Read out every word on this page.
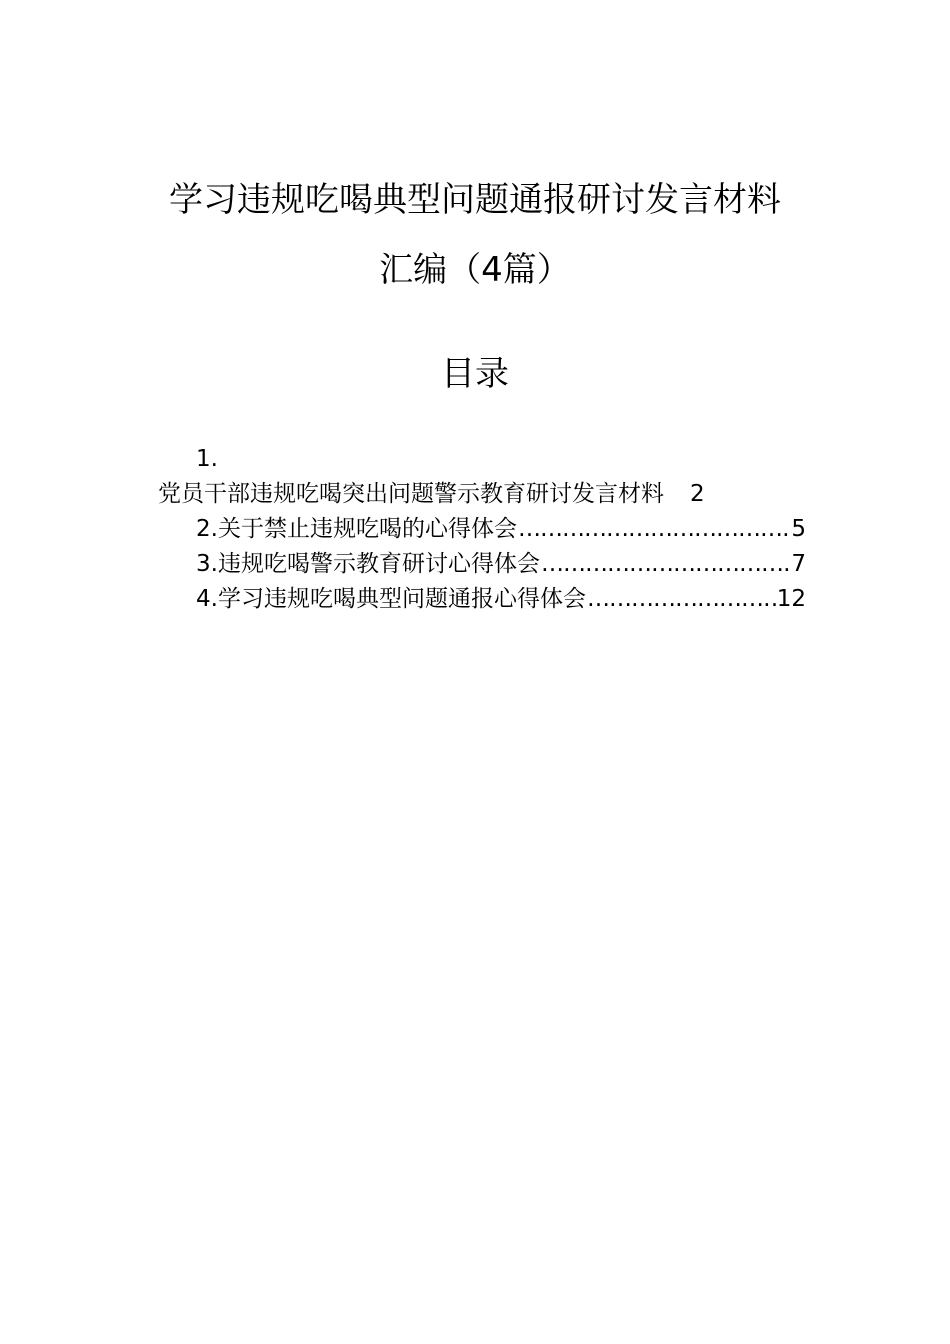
学习违规吃喝典型问题通报研讨发言材料
汇编（4篇）
目录
1.
党员干部违规吃喝突出问题警示教育研讨发言材料 2
2. 关于禁止违规吃喝的心得体会 …………………………………………………………………………………………………………	5
3. 违规吃喝警示教育研讨心得体会 …………………………………………………………………………………………………………	7
4. 学习违规吃喝典型问题通报心得体会 …………………………………………………………………………………………………………	12
